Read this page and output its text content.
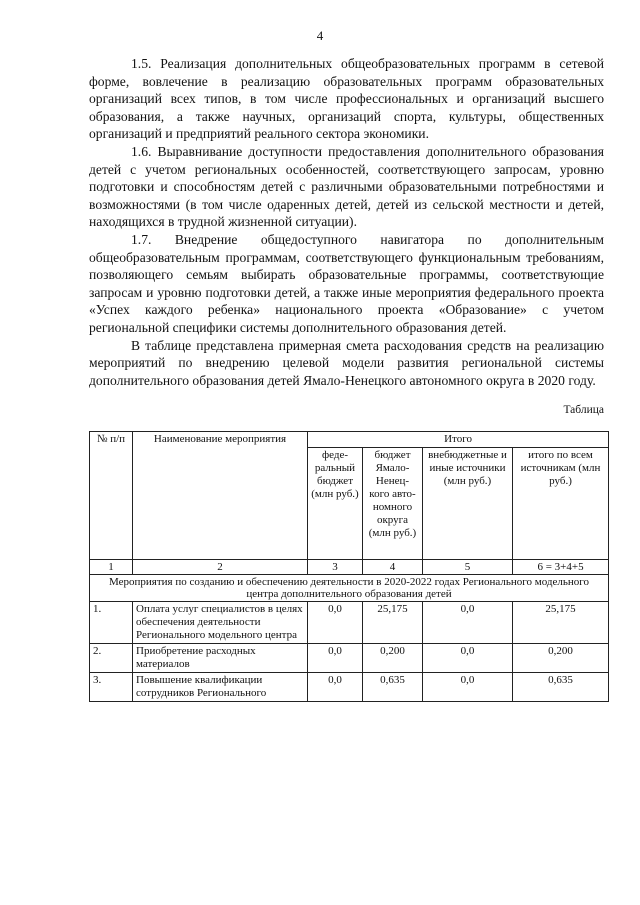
4

1.5. Реализация дополнительных общеобразовательных программ в сетевой форме, вовлечение в реализацию образовательных программ образовательных организаций всех типов, в том числе профессиональных и организаций высшего образования, а также научных, организаций спорта, культуры, общественных организаций и предприятий реального сектора экономики.

1.6. Выравнивание доступности предоставления дополнительного образования детей с учетом региональных особенностей, соответствующего запросам, уровню подготовки и способностям детей с различными образовательными потребностями и возможностями (в том числе одаренных детей, детей из сельской местности и детей, находящихся в трудной жизненной ситуации).

1.7. Внедрение общедоступного навигатора по дополнительным общеобразовательным программам, соответствующего функциональным требованиям, позволяющего семьям выбирать образовательные программы, соответствующие запросам и уровню подготовки детей, а также иные мероприятия федерального проекта «Успех каждого ребенка» национального проекта «Образование» с учетом региональной специфики системы дополнительного образования детей.

В таблице представлена примерная смета расходования средств на реализацию мероприятий по внедрению целевой модели развития региональной системы дополнительного образования детей Ямало-Ненецкого автономного округа в 2020 году.

Таблица
№ п/п	Наименование мероприятия	Итого			
		феде-ральный бюджет (млн руб.)	бюджет Ямало-Ненец-кого авто-номного округа (млн руб.)	внебюджетные и иные источники (млн руб.)	итого по всем источникам (млн руб.)
1	2	3	4	5	6 = 3+4+5
Мероприятия по созданию и обеспечению деятельности в 2020-2022 годах Регионального модельного центра дополнительного образования детей					
1.	Оплата услуг специалистов в целях обеспечения деятельности Регионального модельного центра	0,0	25,175	0,0	25,175
2.	Приобретение расходных материалов	0,0	0,200	0,0	0,200
3.	Повышение квалификации сотрудников Регионального	0,0	0,635	0,0	0,635
